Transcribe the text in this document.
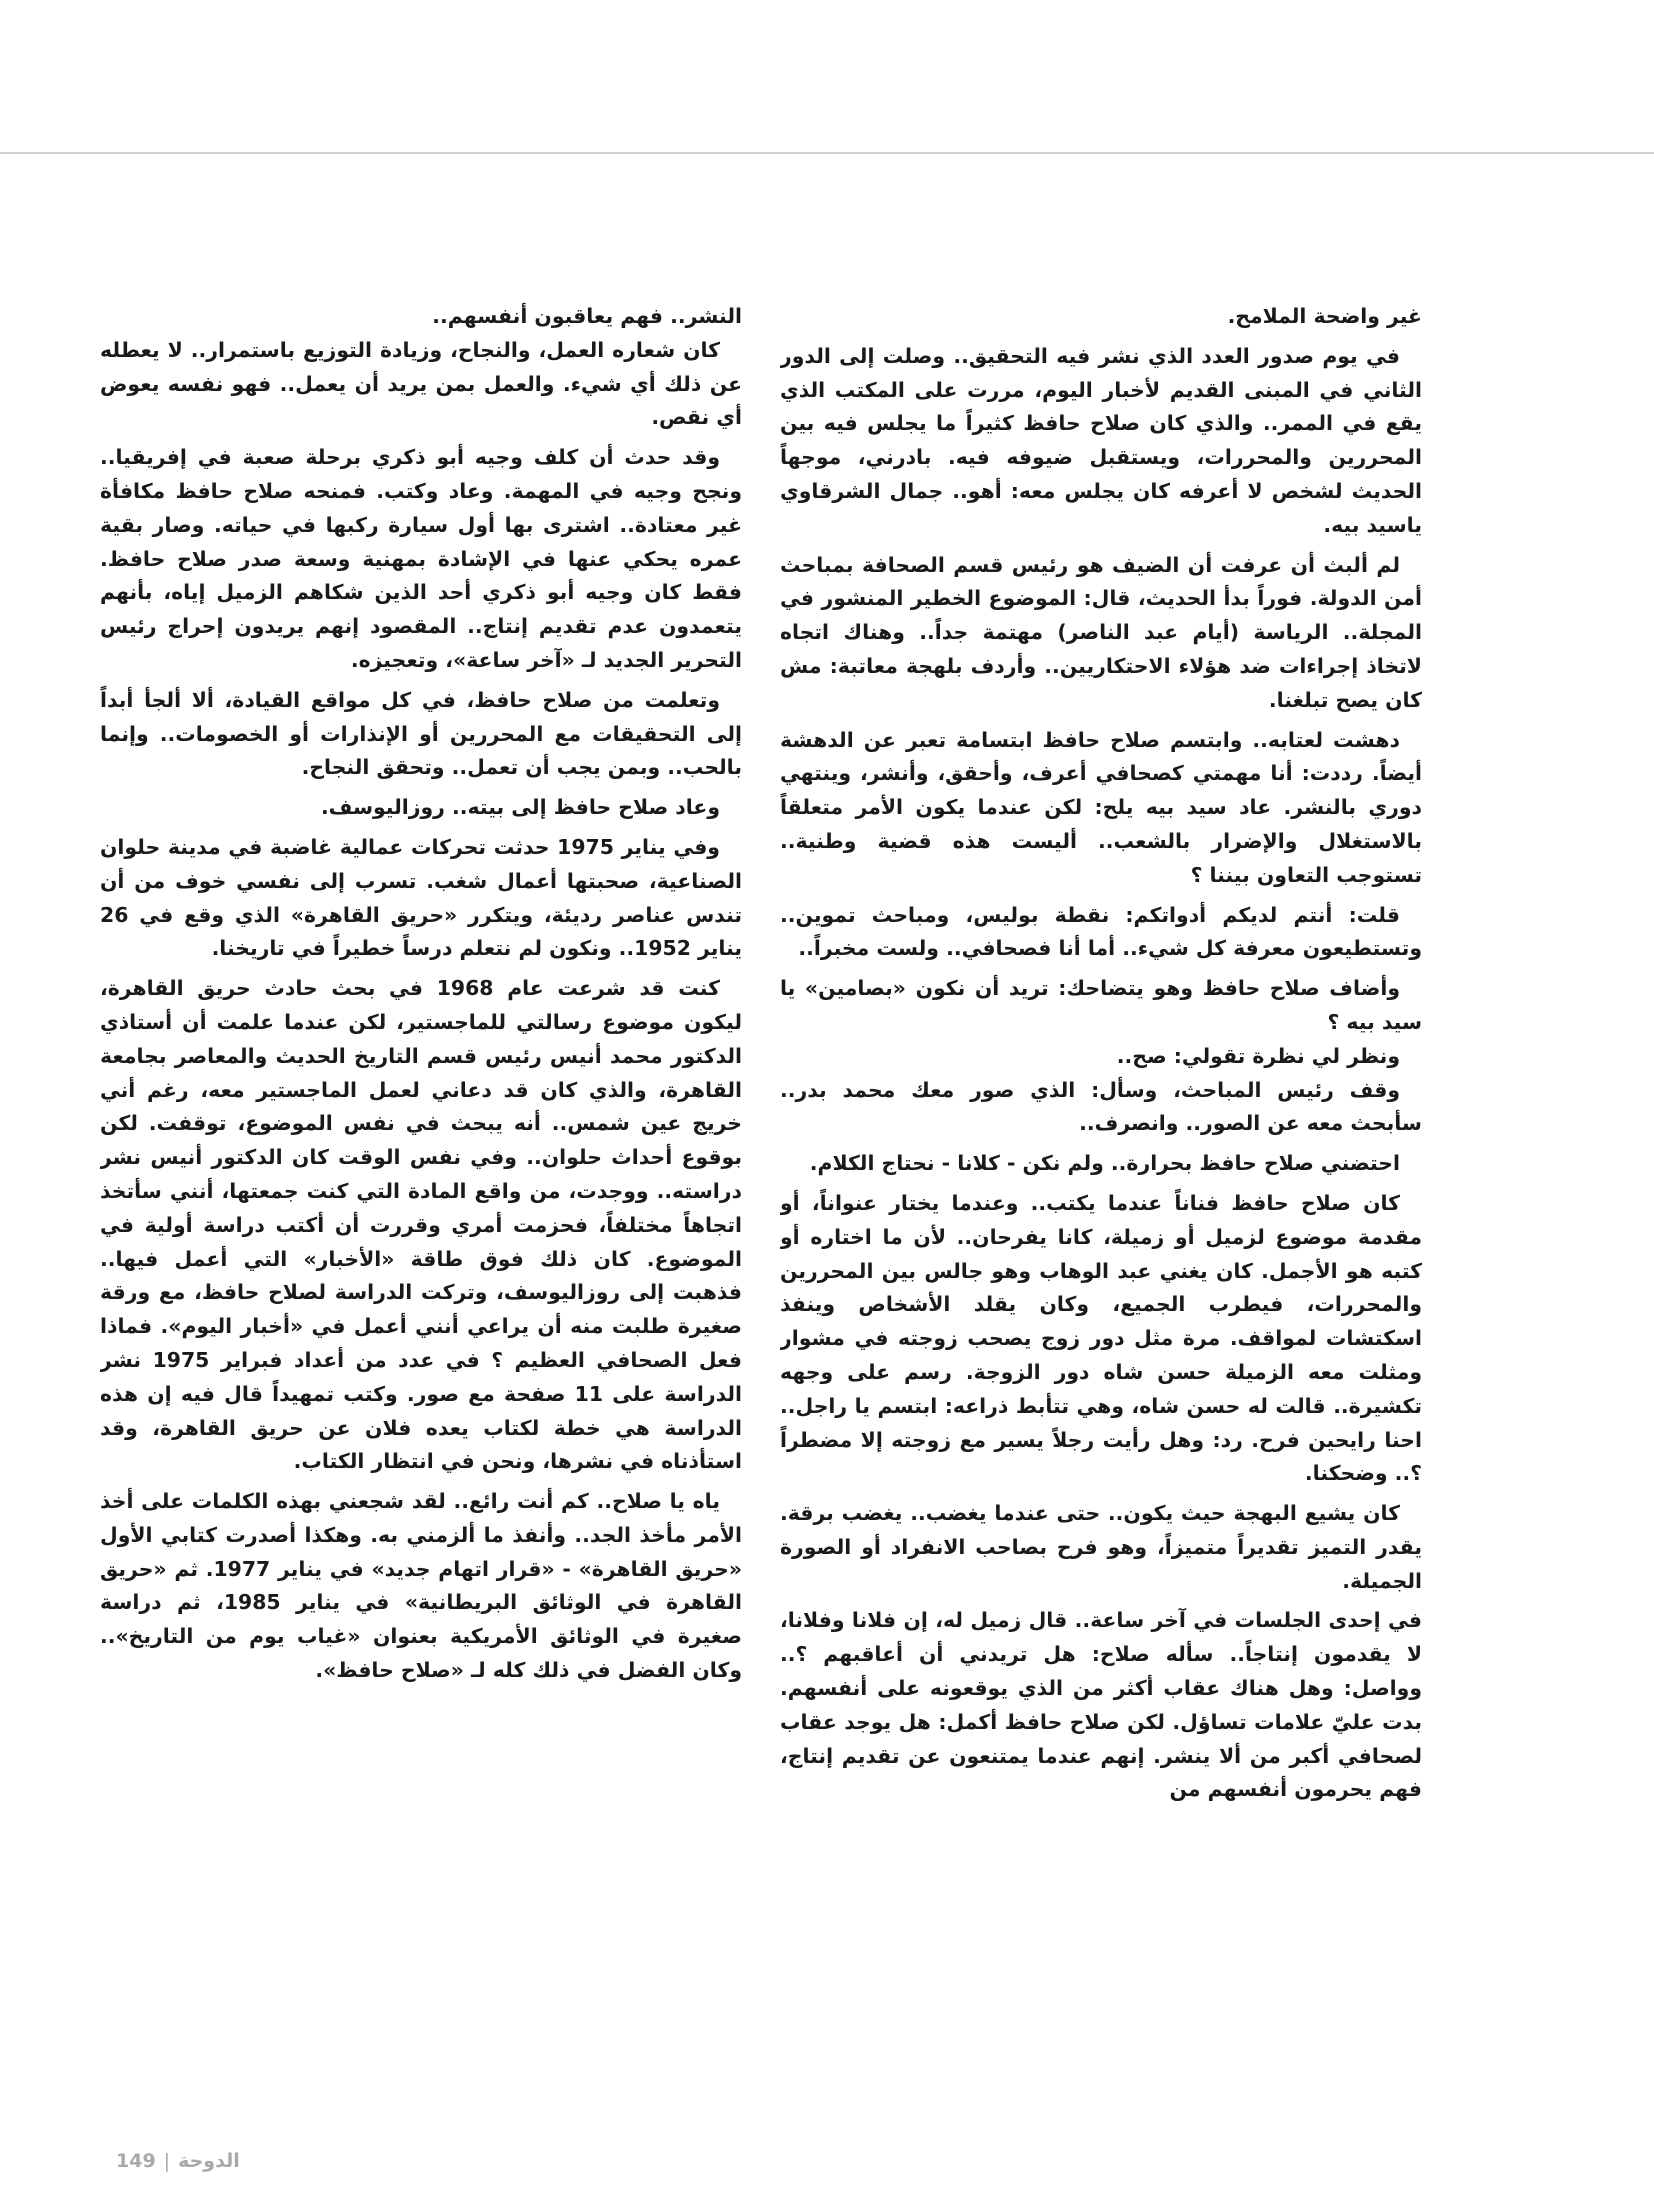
غير واضحة الملامح.

في يوم صدور العدد الذي نشر فيه التحقيق.. وصلت إلى الدور الثاني في المبنى القديم لأخبار اليوم، مررت على المكتب الذي يقع في الممر.. والذي كان صلاح حافظ كثيراً ما يجلس فيه بين المحررين والمحررات، ويستقبل ضيوفه فيه. بادرني، موجهاً الحديث لشخص لا أعرفه كان يجلس معه: أهو.. جمال الشرقاوي ياسيد بيه.

لم ألبث أن عرفت أن الضيف هو رئيس قسم الصحافة بمباحث أمن الدولة. فوراً بدأ الحديث، قال: الموضوع الخطير المنشور في المجلة.. الرياسة (أيام عبد الناصر) مهتمة جداً.. وهناك اتجاه لاتخاذ إجراءات ضد هؤلاء الاحتكاريين.. وأردف بلهجة معاتبة: مش كان يصح تبلغنا.

دهشت لعتابه.. وابتسم صلاح حافظ ابتسامة تعبر عن الدهشة أيضاً. رددت: أنا مهمتي كصحافي أعرف، وأحقق، وأنشر، وينتهي دوري بالنشر. عاد سيد بيه يلح: لكن عندما يكون الأمر متعلقاً بالاستغلال والإضرار بالشعب.. أليست هذه قضية وطنية.. تستوجب التعاون بيننا ؟

قلت: أنتم لديكم أدواتكم: نقطة بوليس، ومباحث تموين.. وتستطيعون معرفة كل شيء.. أما أنا فصحافي.. ولست مخبراً..

وأضاف صلاح حافظ وهو يتضاحك: تريد أن نكون «بصامين» يا سيد بيه ؟

ونظر لي نظرة تقولي: صح..

وقف رئيس المباحث، وسأل: الذي صور معك محمد بدر.. سأبحث معه عن الصور.. وانصرف..

احتضني صلاح حافظ بحرارة.. ولم نكن - كلانا - نحتاج الكلام.

كان صلاح حافظ فناناً عندما يكتب.. وعندما يختار عنواناً، أو مقدمة موضوع لزميل أو زميلة، كانا يفرحان.. لأن ما اختاره أو كتبه هو الأجمل. كان يغني عبد الوهاب وهو جالس بين المحررين والمحررات، فيطرب الجميع، وكان يقلد الأشخاص وينفذ اسكتشات لمواقف. مرة مثل دور زوج يصحب زوجته في مشوار ومثلت معه الزميلة حسن شاه دور الزوجة. رسم على وجهه تكشيرة.. قالت له حسن شاه، وهي تتأبط ذراعه: ابتسم يا راجل.. احنا رايحين فرح. رد: وهل رأيت رجلاً يسير مع زوجته إلا مضطراً ؟.. وضحكنا.

كان يشيع البهجة حيث يكون.. حتى عندما يغضب.. يغضب برقة. يقدر التميز تقديراً متميزاً، وهو فرح بصاحب الانفراد أو الصورة الجميلة.

في إحدى الجلسات في آخر ساعة.. قال زميل له، إن فلانا وفلانا، لا يقدمون إنتاجاً.. سأله صلاح: هل تريدني أن أعاقبهم ؟.. وواصل: وهل هناك عقاب أكثر من الذي يوقعونه على أنفسهم. بدت عليّ علامات تساؤل. لكن صلاح حافظ أكمل: هل يوجد عقاب لصحافي أكبر من ألا ينشر. إنهم عندما يمتنعون عن تقديم إنتاج، فهم يحرمون أنفسهم من

النشر.. فهم يعاقبون أنفسهم..

كان شعاره العمل، والنجاح، وزيادة التوزيع باستمرار.. لا يعطله عن ذلك أي شيء. والعمل بمن يريد أن يعمل.. فهو نفسه يعوض أي نقص.

وقد حدث أن كلف وجيه أبو ذكري برحلة صعبة في إفريقيا.. ونجح وجيه في المهمة. وعاد وكتب. فمنحه صلاح حافظ مكافأة غير معتادة.. اشترى بها أول سيارة ركبها في حياته. وصار بقية عمره يحكي عنها في الإشادة بمهنية وسعة صدر صلاح حافظ. فقط كان وجيه أبو ذكري أحد الذين شكاهم الزميل إياه، بأنهم يتعمدون عدم تقديم إنتاج.. المقصود إنهم يريدون إحراج رئيس التحرير الجديد لـ «آخر ساعة»، وتعجيزه.

وتعلمت من صلاح حافظ، في كل مواقع القيادة، ألا ألجأ أبداً إلى التحقيقات مع المحررين أو الإنذارات أو الخصومات.. وإنما بالحب.. وبمن يجب أن تعمل.. وتحقق النجاح.

وعاد صلاح حافظ إلى بيته.. روزاليوسف.

وفي يناير 1975 حدثت تحركات عمالية غاضبة في مدينة حلوان الصناعية، صحبتها أعمال شغب. تسرب إلى نفسي خوف من أن تندس عناصر رديئة، ويتكرر «حريق القاهرة» الذي وقع في 26 يناير 1952.. ونكون لم نتعلم درساً خطيراً في تاريخنا.

كنت قد شرعت عام 1968 في بحث حادث حريق القاهرة، ليكون موضوع رسالتي للماجستير، لكن عندما علمت أن أستاذي الدكتور محمد أنيس رئيس قسم التاريخ الحديث والمعاصر بجامعة القاهرة، والذي كان قد دعاني لعمل الماجستير معه، رغم أني خريج عين شمس.. أنه يبحث في نفس الموضوع، توقفت. لكن بوقوع أحداث حلوان.. وفي نفس الوقت كان الدكتور أنيس نشر دراسته.. ووجدت، من واقع المادة التي كنت جمعتها، أنني سأتخذ اتجاهاً مختلفاً، فحزمت أمري وقررت أن أكتب دراسة أولية في الموضوع. كان ذلك فوق طاقة «الأخبار» التي أعمل فيها.. فذهبت إلى روزاليوسف، وتركت الدراسة لصلاح حافظ، مع ورقة صغيرة طلبت منه أن يراعي أنني أعمل في «أخبار اليوم». فماذا فعل الصحافي العظيم ؟ في عدد من أعداد فبراير 1975 نشر الدراسة على 11 صفحة مع صور. وكتب تمهيداً قال فيه إن هذه الدراسة هي خطة لكتاب يعده فلان عن حريق القاهرة، وقد استأذناه في نشرها، ونحن في انتظار الكتاب.

ياه يا صلاح.. كم أنت رائع.. لقد شجعني بهذه الكلمات على أخذ الأمر مأخذ الجد.. وأنفذ ما ألزمني به. وهكذا أصدرت كتابي الأول «حريق القاهرة» - «قرار اتهام جديد» في يناير 1977. ثم «حريق القاهرة في الوثائق البريطانية» في يناير 1985، ثم دراسة صغيرة في الوثائق الأمريكية بعنوان «غياب يوم من التاريخ».. وكان الفضل في ذلك كله لـ «صلاح حافظ».

149 | الدوحة
